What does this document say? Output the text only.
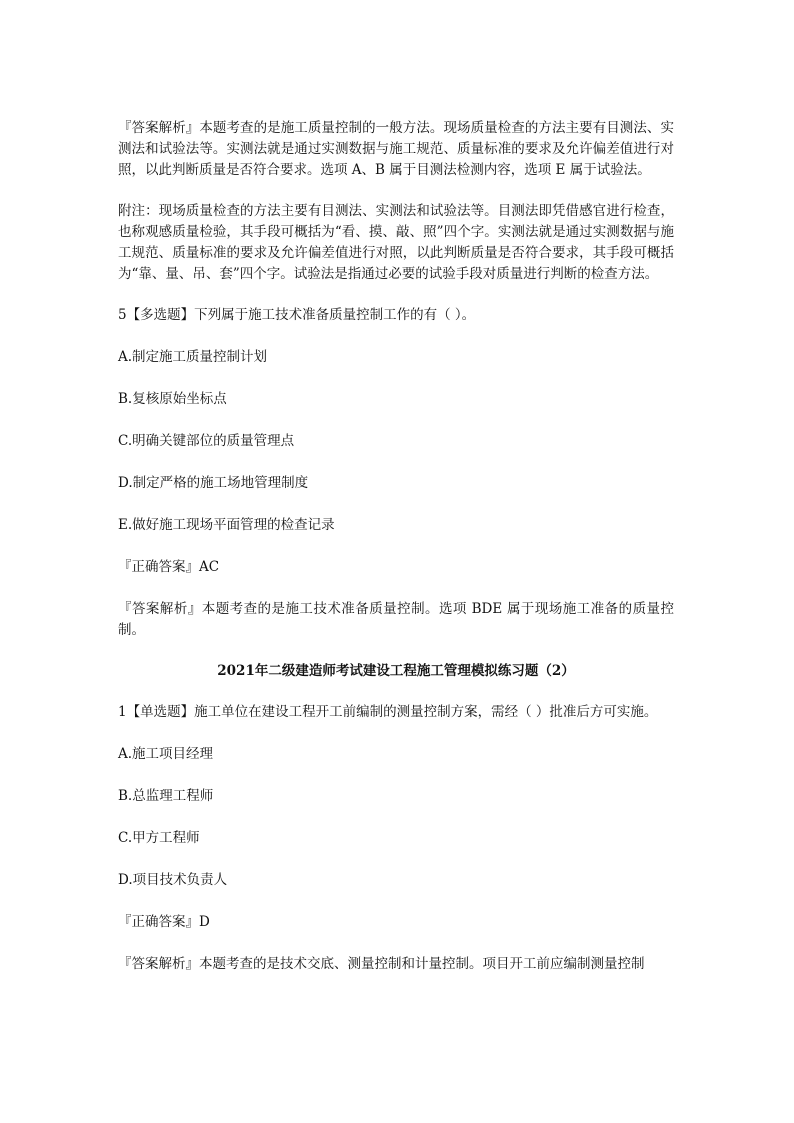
『答案解析』本题考查的是施工质量控制的一般方法。现场质量检查的方法主要有目测法、实测法和试验法等。实测法就是通过实测数据与施工规范、质量标准的要求及允许偏差值进行对照，以此判断质量是否符合要求。选项 A、B 属于目测法检测内容，选项 E 属于试验法。

附注：现场质量检查的方法主要有目测法、实测法和试验法等。目测法即凭借感官进行检查，也称观感质量检验，其手段可概括为“看、摸、敲、照”四个字。实测法就是通过实测数据与施工规范、质量标准的要求及允许偏差值进行对照，以此判断质量是否符合要求，其手段可概括为“靠、量、吊、套”四个字。试验法是指通过必要的试验手段对质量进行判断的检查方法。

5【多选题】下列属于施工技术准备质量控制工作的有（ ）。

A.制定施工质量控制计划

B.复核原始坐标点

C.明确关键部位的质量管理点

D.制定严格的施工场地管理制度

E.做好施工现场平面管理的检查记录

『正确答案』AC

『答案解析』本题考查的是施工技术准备质量控制。选项 BDE 属于现场施工准备的质量控制。

2021年二级建造师考试建设工程施工管理模拟练习题（2）

1【单选题】施工单位在建设工程开工前编制的测量控制方案，需经（ ）批准后方可实施。

A.施工项目经理

B.总监理工程师

C.甲方工程师

D.项目技术负责人

『正确答案』D

『答案解析』本题考查的是技术交底、测量控制和计量控制。项目开工前应编制测量控制
